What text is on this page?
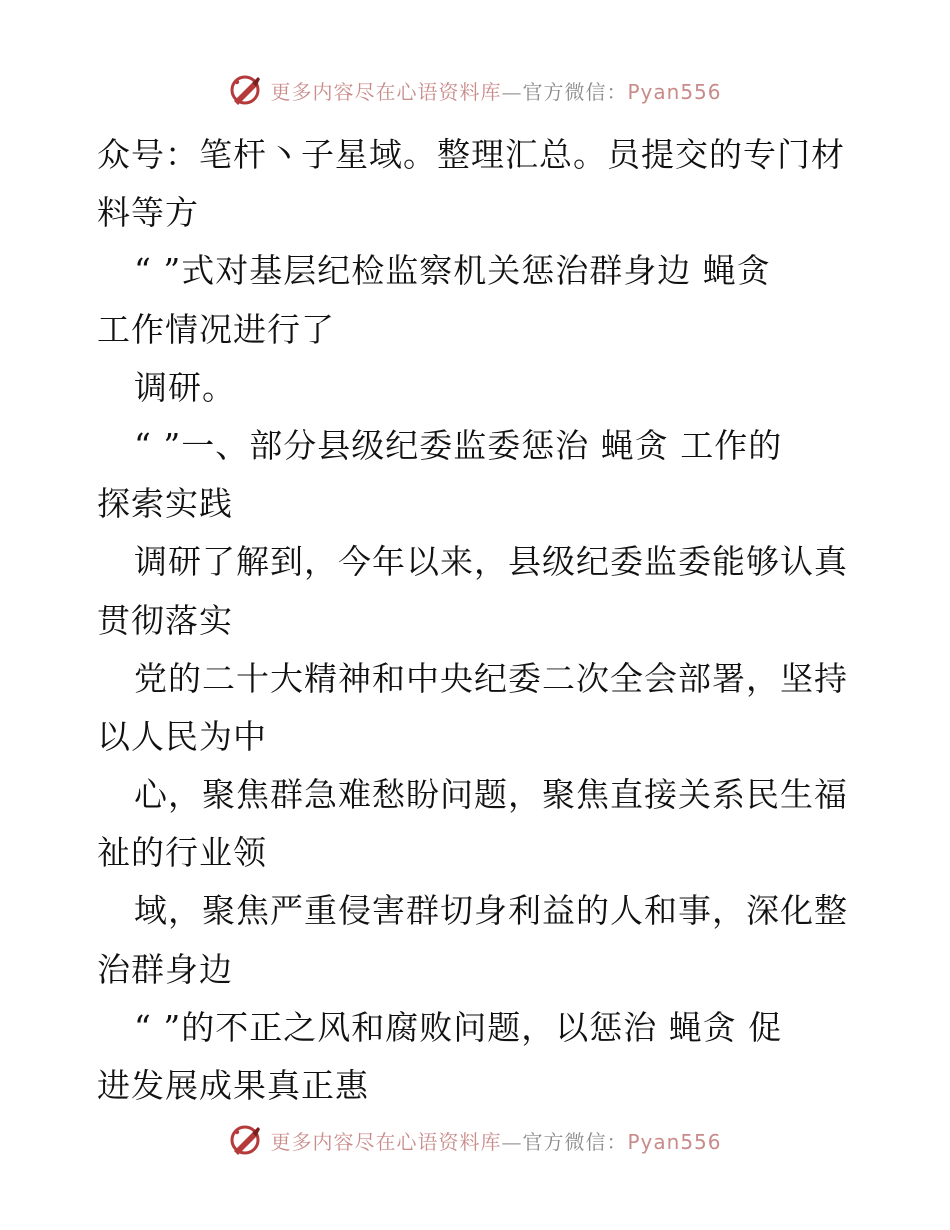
更多内容尽在心语资料库—官方微信：Pyan556
众号：笔杆丶子星域。整理汇总。员提交的专门材
料等方
“ ”式对基层纪检监察机关惩治群身边 蝇贪
工作情况进行了
调研。
“ ”一、部分县级纪委监委惩治 蝇贪 工作的
探索实践
调研了解到，今年以来，县级纪委监委能够认真
贯彻落实
党的二十大精神和中央纪委二次全会部署，坚持
以人民为中
心，聚焦群急难愁盼问题，聚焦直接关系民生福
祉的行业领
域，聚焦严重侵害群切身利益的人和事，深化整
治群身边
“ ”的不正之风和腐败问题，以惩治 蝇贪 促
进发展成果真正惠
更多内容尽在心语资料库—官方微信：Pyan556
